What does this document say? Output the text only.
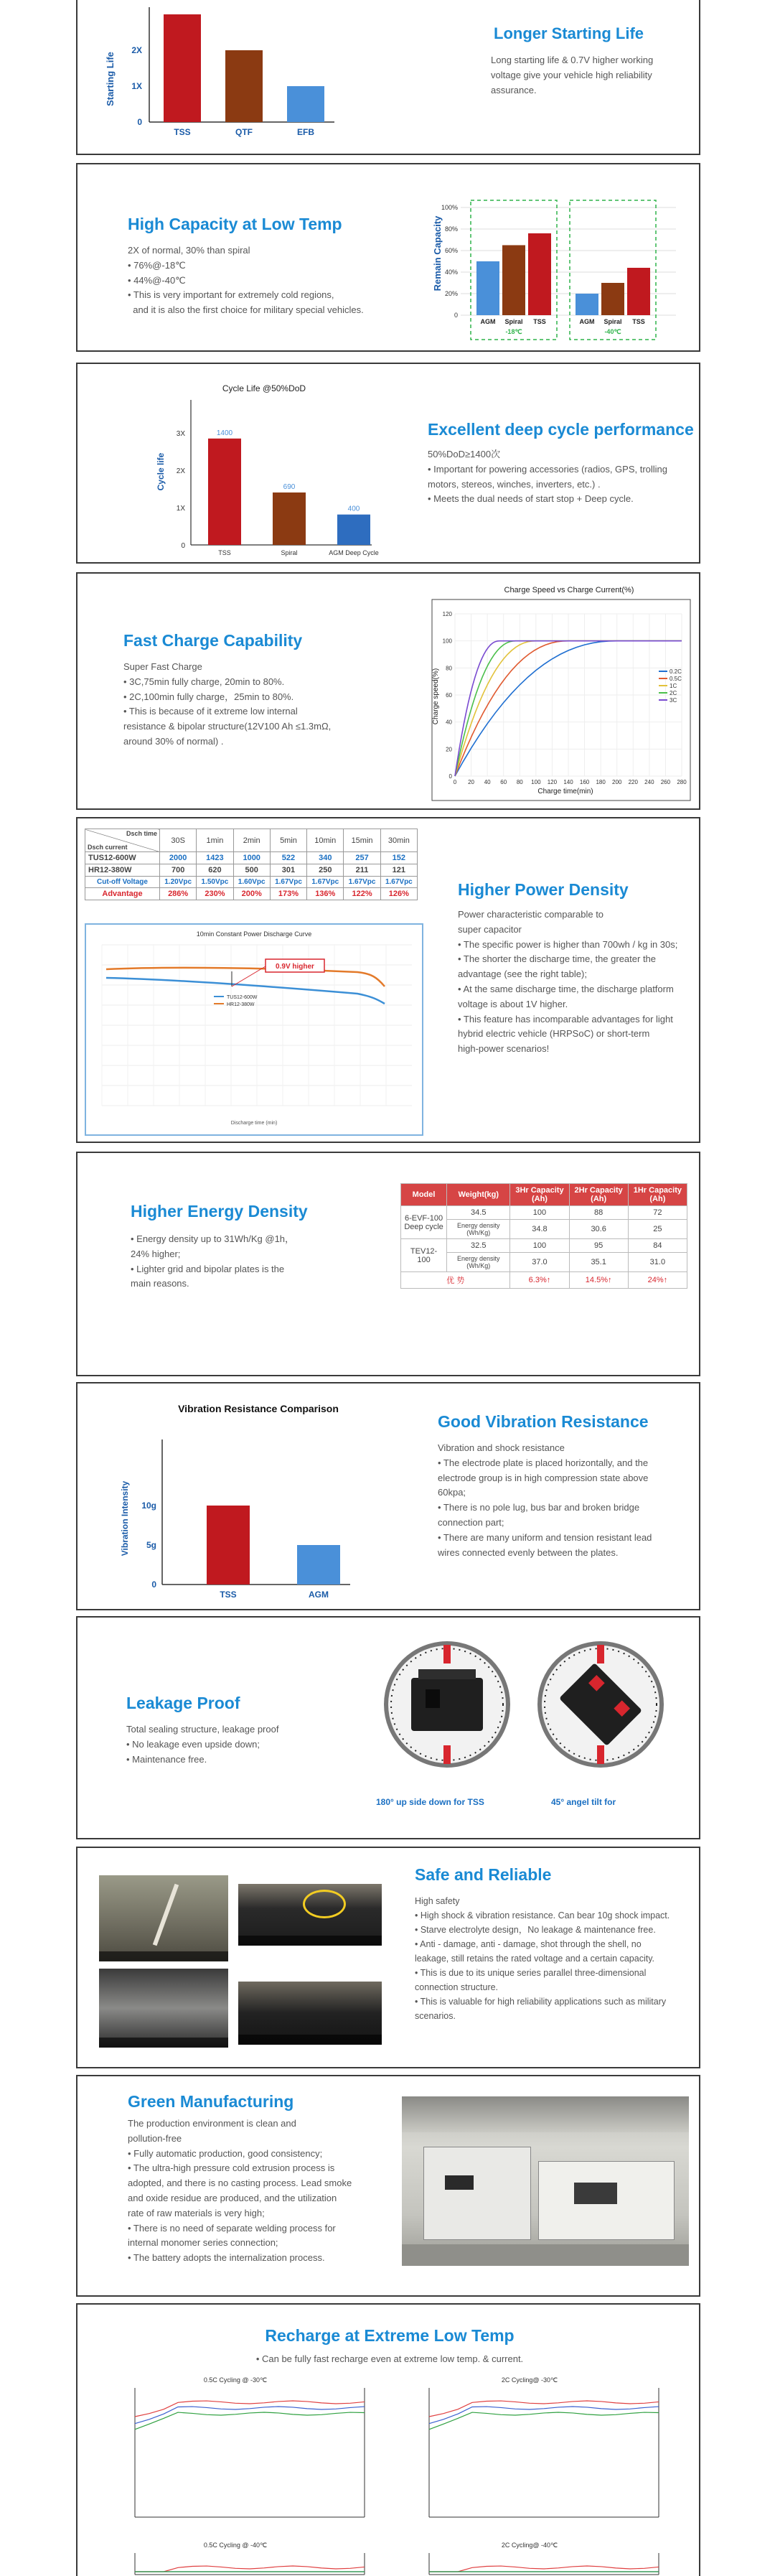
Starting Life
0
1X
2X
TSS	QTF	EFB
Longer Starting Life

Long starting life & 0.7V higher working voltage give your vehicle high reliability assurance.

High Capacity at Low Temp

2X of normal, 30% than spiral

• 76%@-18℃

• 44%@-40℃

• This is very important for extremely cold regions,

and it is also the first choice for military special vehicles.

Remain Capacity
0
20%
40%
60%
80%
100%
AGM Spiral TSS
-18℃
AGM Spiral TSS
-40℃
Cycle Life @50%DoD
Cycle life
0
1X
2X
3X	1400
TSS
690
Spiral
400
AGM Deep Cycle
Excellent deep cycle performance

50%DoD≥1400次

• Important for powering accessories (radios, GPS, trolling motors, stereos, winches, inverters, etc.) .

• Meets the dual needs of start stop + Deep cycle.

Fast Charge Capability

Super Fast Charge

• 3C,75min fully charge, 20min to 80%.

• 2C,100min fully charge，25min to 80%.

• This is because of it extreme low internal

resistance & bipolar structure(12V100 Ah ≤1.3mΩ,

around 30% of normal) .

Charge Speed vs Charge Current(%)
Charge speed(%)
Charge time(min)
0 20 40 60 80 100 120 140 160 180 200 220 240 260 280
0
20
40
60
80
100
120
0.2C
0.5C
1C
2C
3C
Dsch time
Dsch current	30S	1min	2min	5min	10min	15min	30min
TUS12-600W	2000	1423	1000	522	340	257	152
HR12-380W	700	620	500	301	250	211	121
Cut-off Voltage	1.20Vpc	1.50Vpc	1.60Vpc	1.67Vpc	1.67Vpc	1.67Vpc	1.67Vpc
Advantage	286%	230%	200%	173%	136%	122%	126%
10min Constant Power Discharge Curve
0.9V higher
TUS12-600W
HR12-380W
Discharge time (min)
Higher Power Density

Power characteristic comparable to

super capacitor

• The specific power is higher than 700wh / kg in 30s;

• The shorter the discharge time, the greater the

advantage (see the right table);

• At the same discharge time, the discharge platform

voltage is about 1V higher.

• This feature has incomparable advantages for light

hybrid electric vehicle (HRPSoC) or short-term

high-power scenarios!

Higher Energy Density

• Energy density up to 31Wh/Kg @1h，

24% higher;

• Lighter grid and bipolar plates is the

main reasons.

Model	Weight(kg)	3Hr Capacity (Ah)	2Hr Capacity (Ah)	1Hr Capacity (Ah)
6-EVF-100
Deep cycle	34.5	100	88	72
	Energy density (Wh/Kg)	34.8	30.6	25
TEV12-100	32.5	100	95	84
	Energy density (Wh/Kg)	37.0	35.1	31.0
优 势		6.3%↑	14.5%↑	24%↑
Vibration Resistance Comparison
Vibration Intensity
0
5g
10g
TSS	AGM
Good Vibration Resistance

Vibration and shock resistance

• The electrode plate is placed horizontally, and the

electrode group is in high compression state above

60kpa;

• There is no pole lug, bus bar and broken bridge

connection part;

• There are many uniform and tension resistant lead

wires connected evenly between the plates.

Leakage Proof

Total sealing structure, leakage proof

• No leakage even upside down;

• Maintenance free.

180° up side down for TSS	45° angel tilt for
Safe and Reliable

High safety

• High shock & vibration resistance. Can bear 10g shock impact.

• Starve electrolyte design，No leakage & maintenance free.

• Anti - damage, anti - damage, shot through the shell, no

leakage, still retains the rated voltage and a certain capacity.

• This is due to its unique series parallel three-dimensional

connection structure.

• This is valuable for high reliability applications such as military

scenarios.

Green Manufacturing

The production environment is clean and

pollution-free

• Fully automatic production, good consistency;

• The ultra-high pressure cold extrusion process is

adopted, and there is no casting process. Lead smoke

and oxide residue are produced, and the utilization

rate of raw materials is very high;

• There is no need of separate welding process for

internal monomer series connection;

• The battery adopts the internalization process.

Recharge at Extreme Low Temp
• Can be fully fast recharge even at extreme low temp. & current.
0.5C Cycling @ -30℃	2C Cycling@ -30℃
0.5C Cycling @ -40℃	2C Cycling@ -40℃
